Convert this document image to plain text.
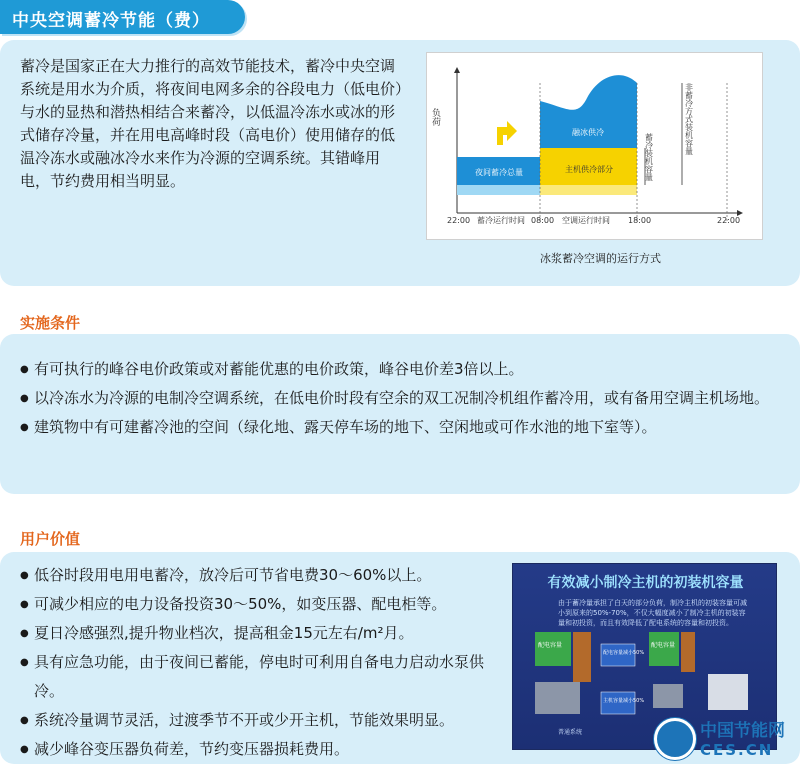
中央空调蓄冷节能（费）

蓄冷是国家正在大力推行的高效节能技术，蓄冷中央空调系统是用水为介质，将夜间电网多余的谷段电力（低电价）与水的显热和潜热相结合来蓄冷，以低温冷冻水或冰的形式储存冷量，并在用电高峰时段（高电价）使用储存的低温冷冻水或融冰冷水来作为冷源的空调系统。其错峰用电，节约费用相当明显。

负荷
夜间蓄冷总量
融冰供冷
主机供冷部分	蓄冷装机容量
非蓄冷方式装机容量
22:00	08:00	18:00	22:00
蓄冷运行时间	空调运行时间
冰浆蓄冷空调的运行方式
实施条件
● 有可执行的峰谷电价政策或对蓄能优惠的电价政策，峰谷电价差3倍以上。
● 以冷冻水为冷源的电制冷空调系统，在低电价时段有空余的双工况制冷机组作蓄冷用，或有备用空调主机场地。
● 建筑物中有可建蓄冷池的空间（绿化地、露天停车场的地下、空闲地或可作水池的地下室等）。
用户价值
● 低谷时段用电用电蓄冷，放冷后可节省电费30～60%以上。
● 可减少相应的电力设备投资30～50%，如变压器、配电柜等。
● 夏日冷感强烈,提升物业档次，提高租金15元左右/m²月。
● 具有应急功能，由于夜间已蓄能，停电时可利用自备电力启动水泵供冷。
● 系统冷量调节灵活，过渡季节不开或少开主机，节能效果明显。
● 减少峰谷变压器负荷差，节约变压器损耗费用。
有效减小制冷主机的初装机容量
由于蓄冷量承担了白天的部分负荷，制冷主机的初装容量可减小到原来的50%-70%，不仅大幅度减小了制冷主机的初装容量和初投资，而且有效降低了配电系统的容量和初投资。
配电容量
配电容量减小50%
配电容量
主机容量减小50%
普通系统	中国节能网
CES.CN
